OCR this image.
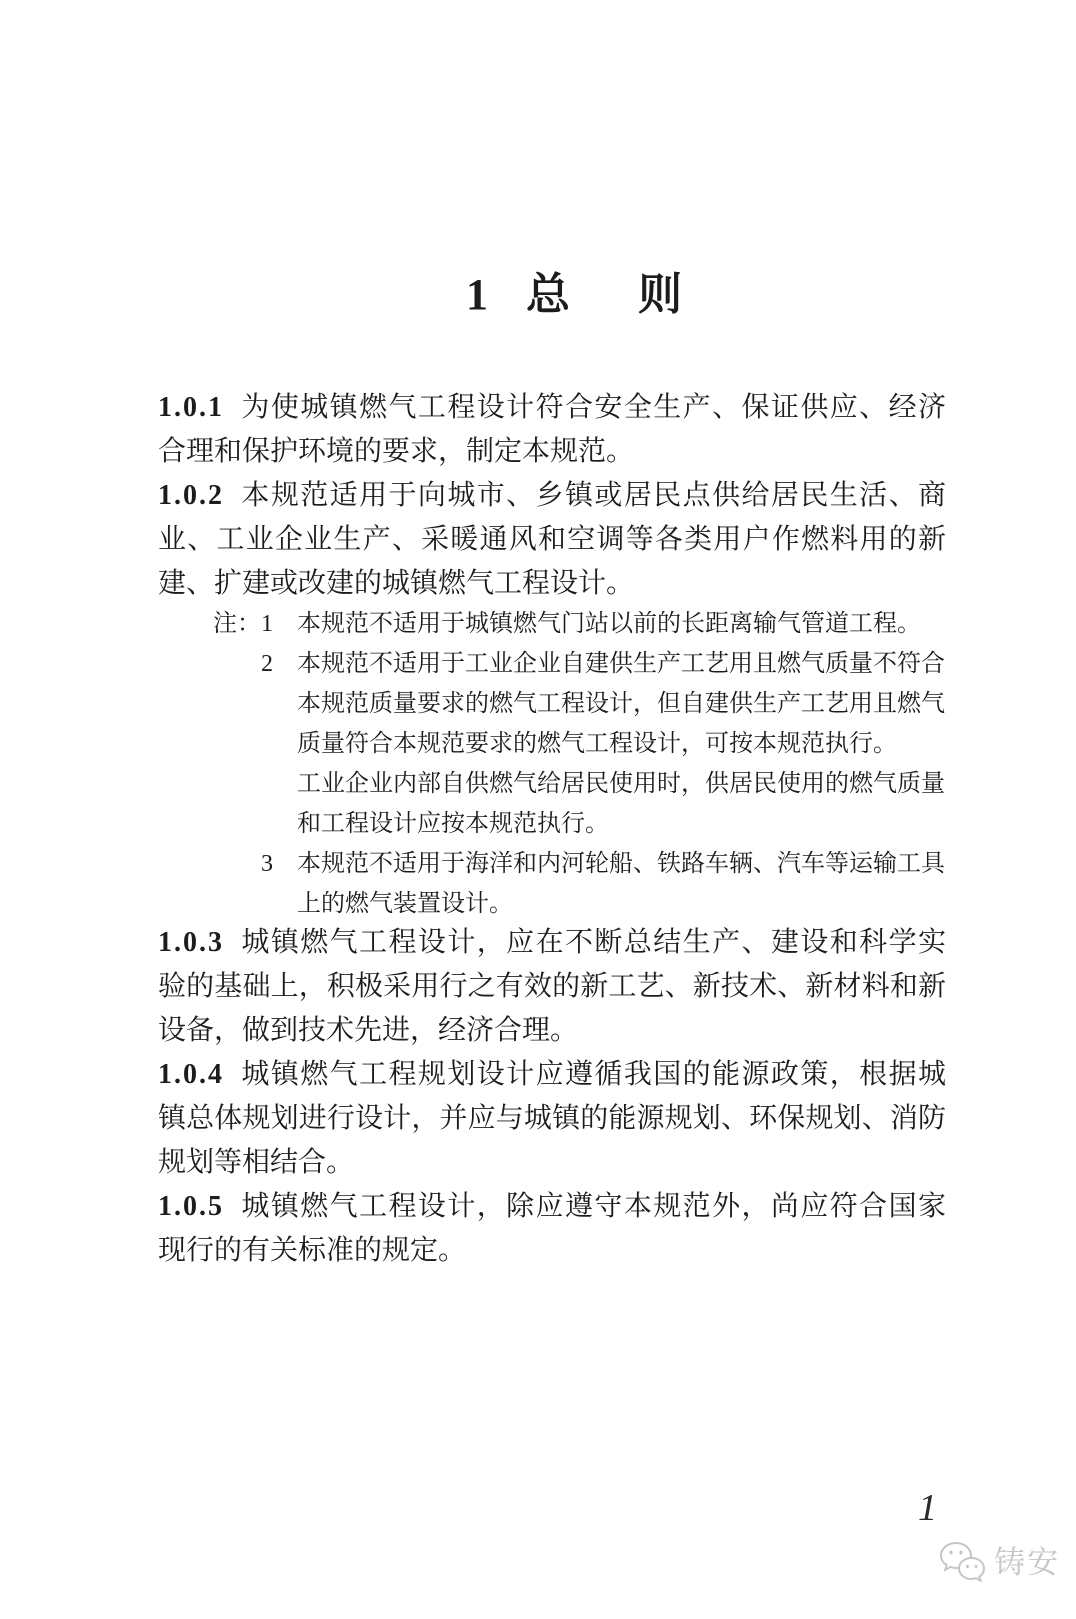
1 总 则
1.0.1 为使城镇燃气工程设计符合安全生产、保证供应、经济
合理和保护环境的要求，制定本规范。
1.0.2 本规范适用于向城市、乡镇或居民点供给居民生活、商
业、工业企业生产、采暖通风和空调等各类用户作燃料用的新
建、扩建或改建的城镇燃气工程设计。
注：1 本规范不适用于城镇燃气门站以前的长距离输气管道工程。
2 本规范不适用于工业企业自建供生产工艺用且燃气质量不符合
本规范质量要求的燃气工程设计，但自建供生产工艺用且燃气
质量符合本规范要求的燃气工程设计，可按本规范执行。
工业企业内部自供燃气给居民使用时，供居民使用的燃气质量
和工程设计应按本规范执行。
3 本规范不适用于海洋和内河轮船、铁路车辆、汽车等运输工具
上的燃气装置设计。
1.0.3 城镇燃气工程设计，应在不断总结生产、建设和科学实
验的基础上，积极采用行之有效的新工艺、新技术、新材料和新
设备，做到技术先进，经济合理。
1.0.4 城镇燃气工程规划设计应遵循我国的能源政策，根据城
镇总体规划进行设计，并应与城镇的能源规划、环保规划、消防
规划等相结合。
1.0.5 城镇燃气工程设计，除应遵守本规范外，尚应符合国家
现行的有关标准的规定。
1
铸安
